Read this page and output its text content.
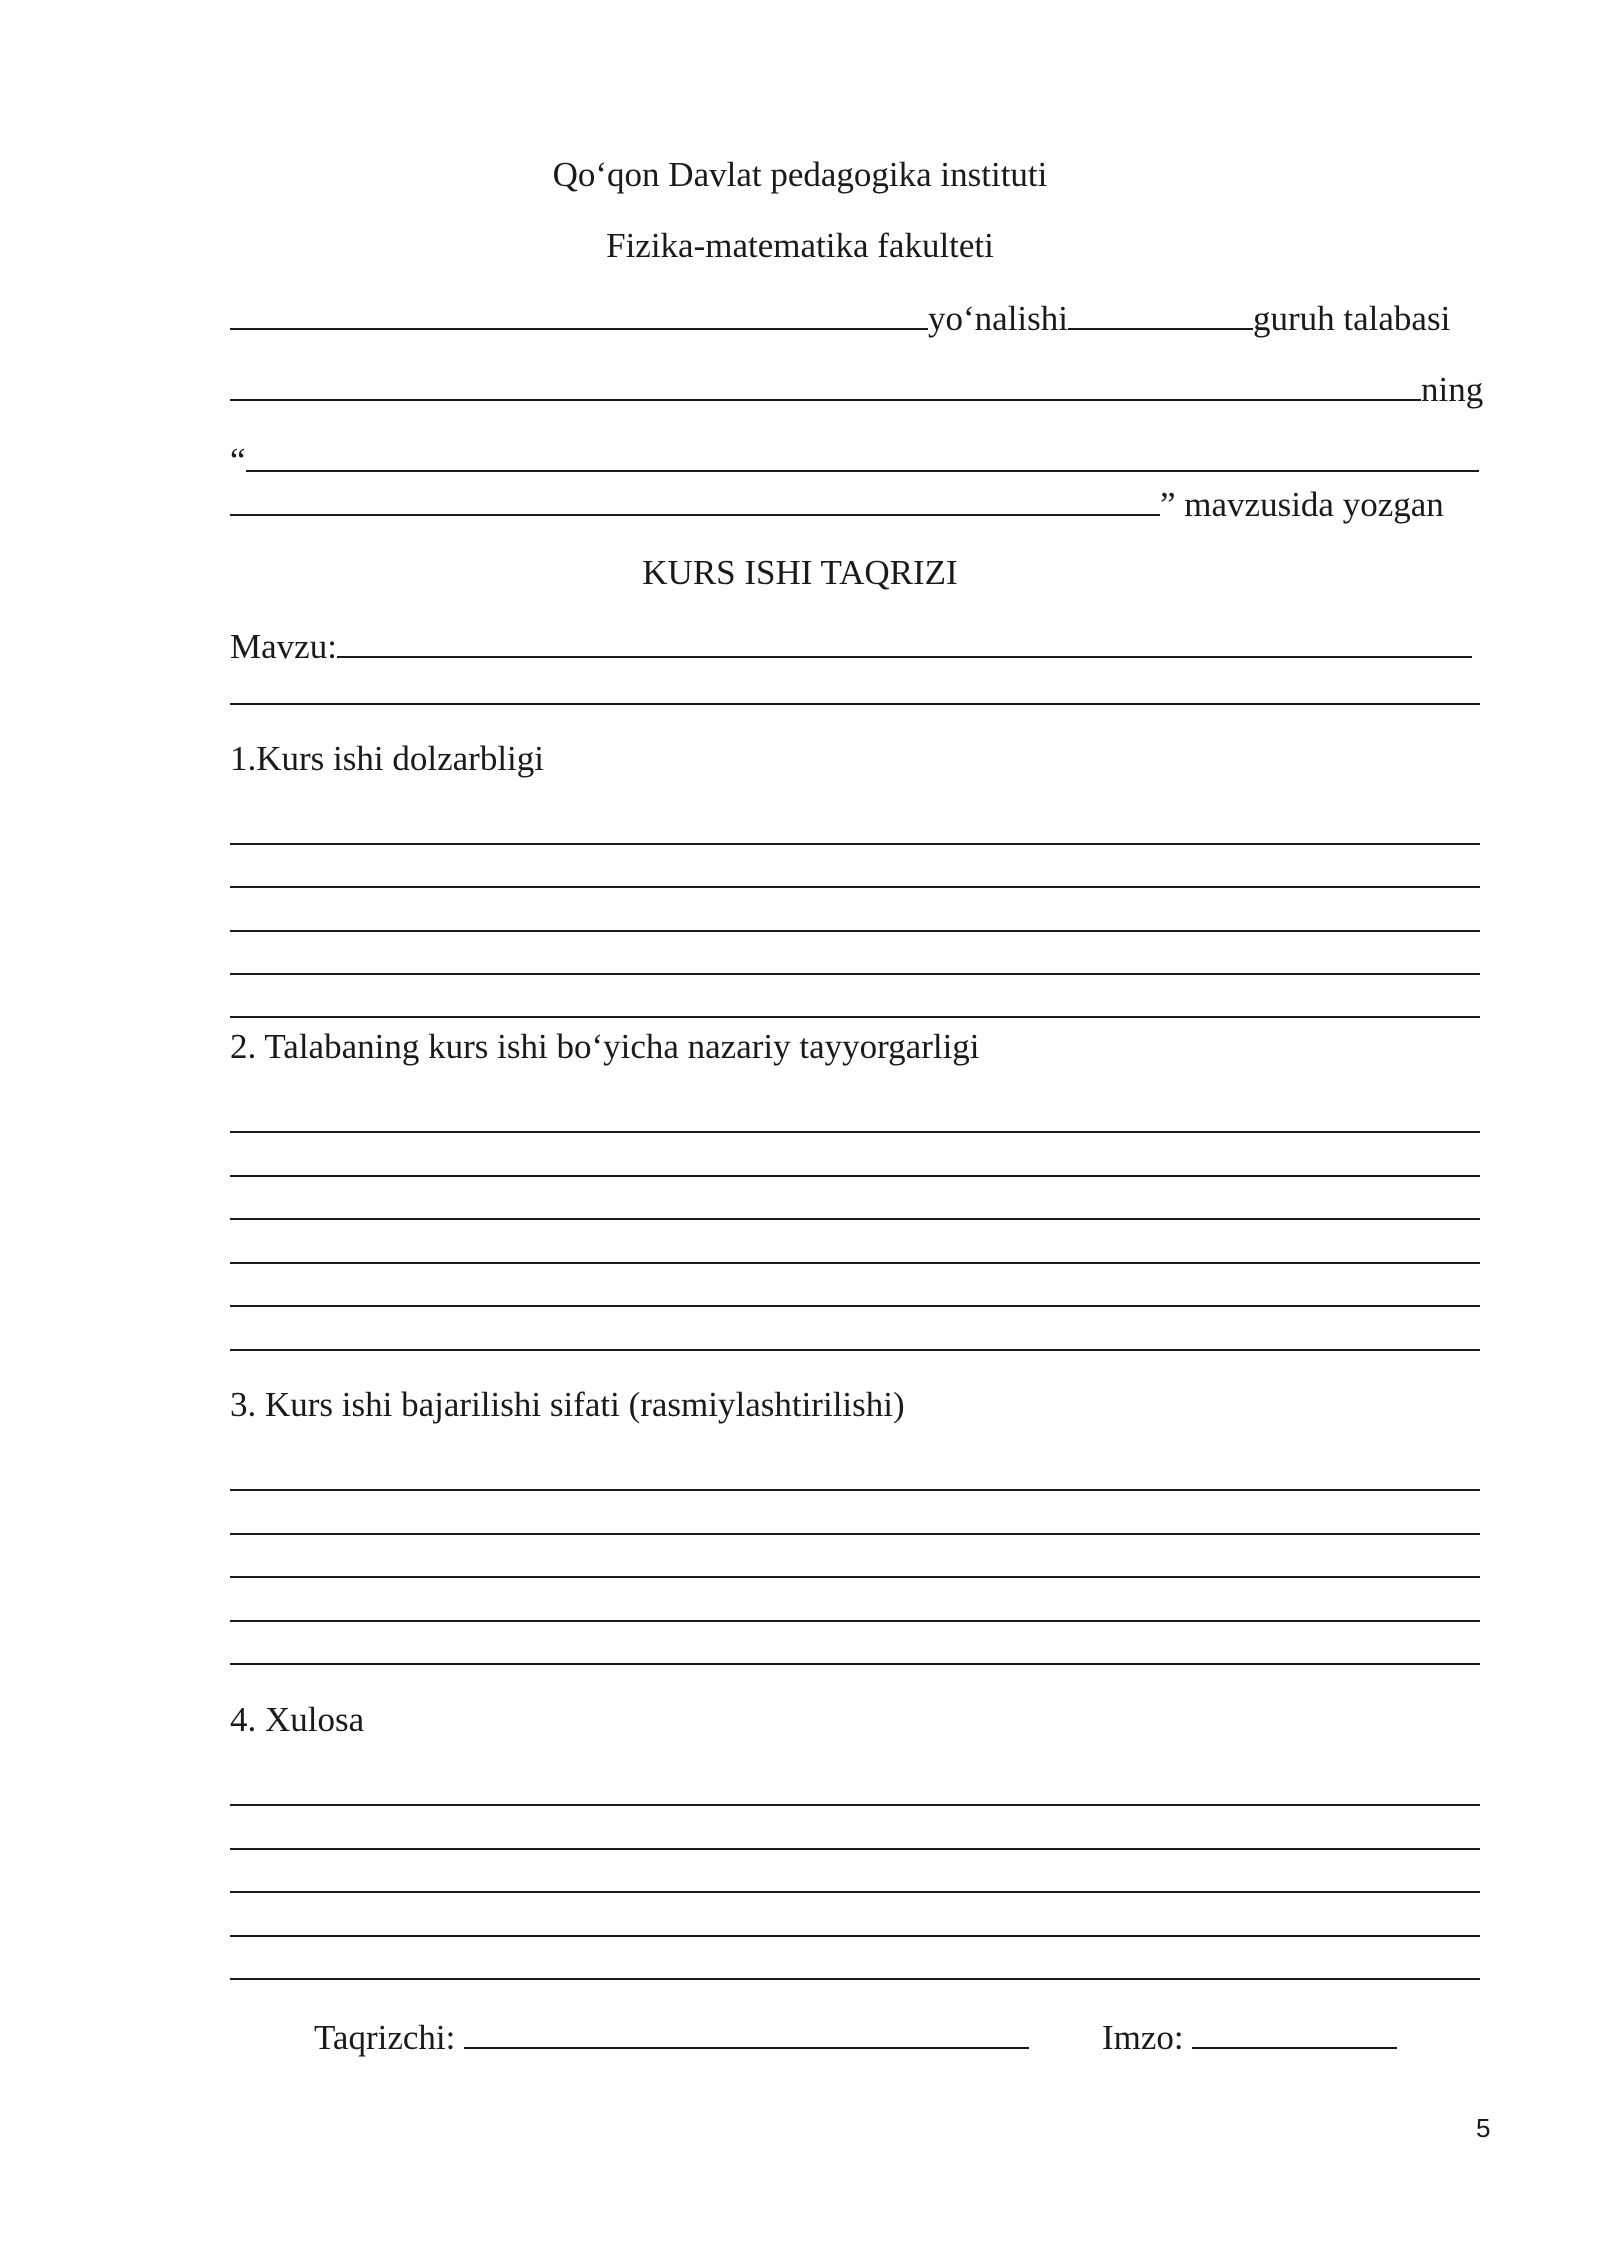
Qo‘qon Davlat pedagogika instituti
Fizika-matematika fakulteti
yo‘nalishi	guruh talabasi
ning
“
” mavzusida yozgan
KURS ISHI TAQRIZI
Mavzu:
1.Kurs ishi dolzarbligi
2. Talabaning kurs ishi bo‘yicha nazariy tayyorgarligi
3. Kurs ishi bajarilishi sifati (rasmiylashtirilishi)
4. Xulosa
Taqrizchi:	Imzo:
5
